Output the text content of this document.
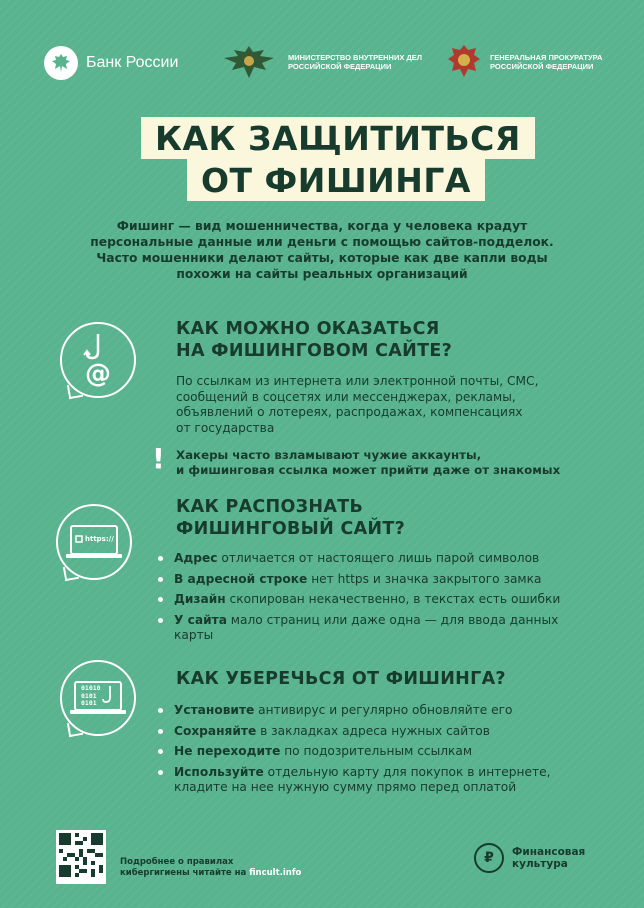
Банк России	МИНИСТЕРСТВО ВНУТРЕННИХ ДЕЛ
РОССИЙСКОЙ ФЕДЕРАЦИИ
ГЕНЕРАЛЬНАЯ ПРОКУРАТУРА
РОССИЙСКОЙ ФЕДЕРАЦИИ
КАК ЗАЩИТИТЬСЯ
ОТ ФИШИНГА
Фишинг — вид мошенничества, когда у человека крадут
персональные данные или деньги с помощью сайтов-подделок.
Часто мошенники делают сайты, которые как две капли воды
похожи на сайты реальных организаций
@
КАК МОЖНО ОКАЗАТЬСЯ
НА ФИШИНГОВОМ САЙТЕ?
По ссылкам из интернета или электронной почты, СМС,
сообщений в соцсетях или мессенджерах, рекламы,
объявлений о лотереях, распродажах, компенсациях
от государства
! Хакеры часто взламывают чужие аккаунты,
и фишинговая ссылка может прийти даже от знакомых
https://
КАК РАСПОЗНАТЬ
ФИШИНГОВЫЙ САЙТ?
Адрес отличается от настоящего лишь парой символов
В адресной строке нет https и значка закрытого замка
Дизайн скопирован некачественно, в текстах есть ошибки
У сайта мало страниц или даже одна — для ввода данных карты
01010
0101
0101
КАК УБЕРЕЧЬСЯ ОТ ФИШИНГА?
Установите антивирус и регулярно обновляйте его
Сохраняйте в закладках адреса нужных сайтов
Не переходите по подозрительным ссылкам
Используйте отдельную карту для покупок в интернете, кладите на нее нужную сумму прямо перед оплатой
Подробнее о правилах
кибергигиены читайте на fincult.info
₽ Финансовая
культура
